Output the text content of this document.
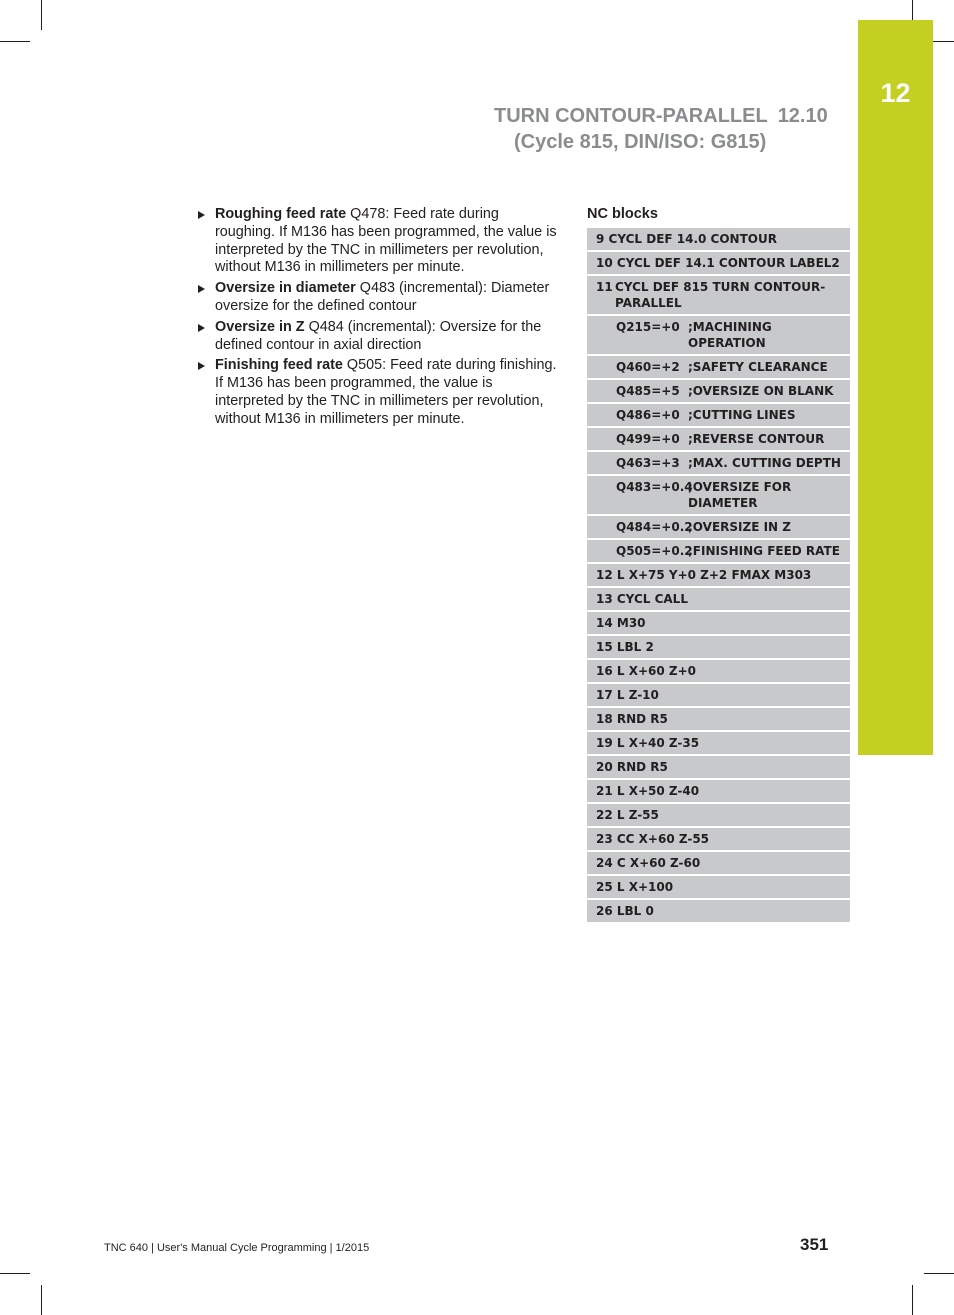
12
TURN CONTOUR-PARALLEL 12.10
(Cycle 815, DIN/ISO: G815)
Roughing feed rate Q478: Feed rate during roughing. If M136 has been programmed, the value is interpreted by the TNC in millimeters per revolution, without M136 in millimeters per minute.
Oversize in diameter Q483 (incremental): Diameter oversize for the defined contour
Oversize in Z Q484 (incremental): Oversize for the defined contour in axial direction
Finishing feed rate Q505: Feed rate during finishing. If M136 has been programmed, the value is interpreted by the TNC in millimeters per revolution, without M136 in millimeters per minute.
NC blocks
9 CYCL DEF 14.0 CONTOUR
10 CYCL DEF 14.1 CONTOUR LABEL2
11 CYCL DEF 815 TURN CONTOUR-PARALLEL
Q215=+0 ;MACHINING OPERATION
Q460=+2 ;SAFETY CLEARANCE
Q485=+5 ;OVERSIZE ON BLANK
Q486=+0 ;CUTTING LINES
Q499=+0 ;REVERSE CONTOUR
Q463=+3 ;MAX. CUTTING DEPTH
Q483=+0.4
;OVERSIZE FOR DIAMETER
Q484=+0.2
;OVERSIZE IN Z
Q505=+0.2
;FINISHING FEED RATE
12 L X+75 Y+0 Z+2 FMAX M303
13 CYCL CALL
14 M30
15 LBL 2
16 L X+60 Z+0
17 L Z-10
18 RND R5
19 L X+40 Z-35
20 RND R5
21 L X+50 Z-40
22 L Z-55
23 CC X+60 Z-55
24 C X+60 Z-60
25 L X+100
26 LBL 0
TNC 640 | User's Manual Cycle Programming | 1/2015	351
